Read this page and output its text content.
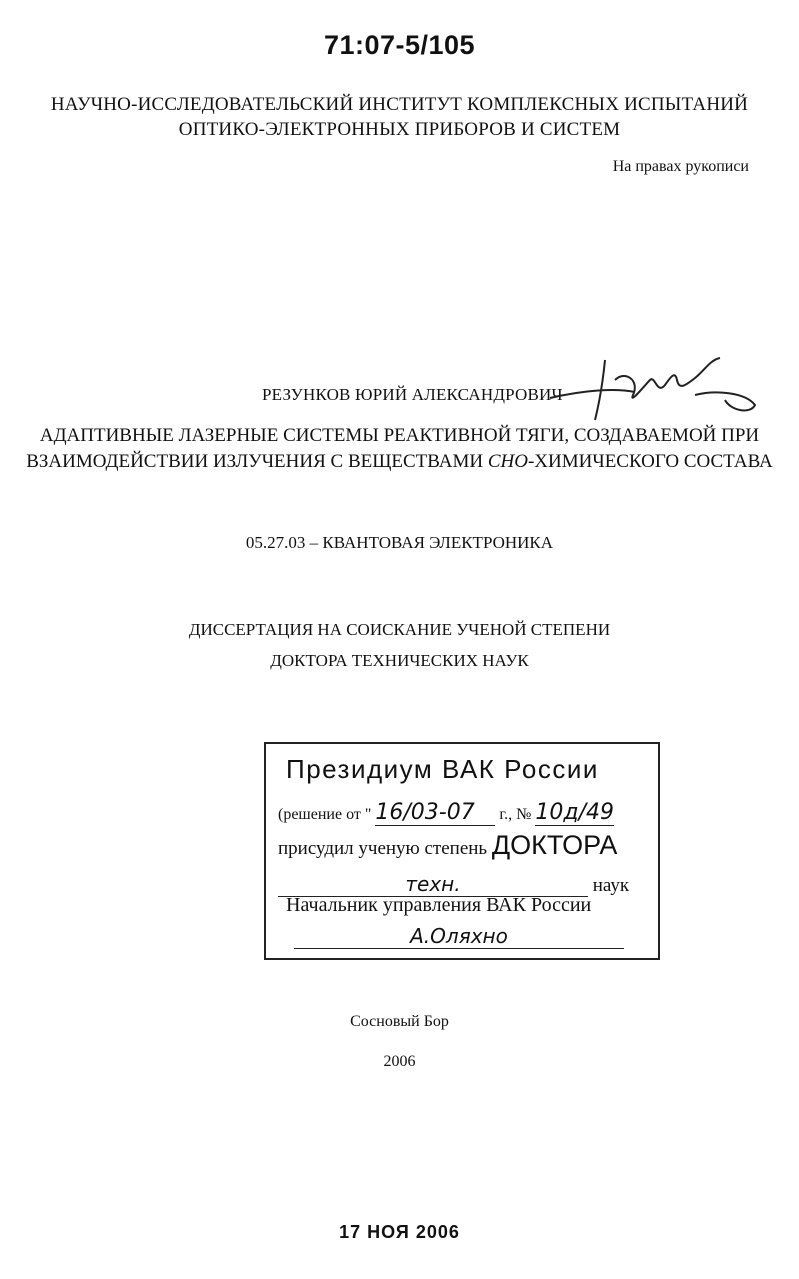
71:07-5/105
НАУЧНО-ИССЛЕДОВАТЕЛЬСКИЙ ИНСТИТУТ КОМПЛЕКСНЫХ ИСПЫТАНИЙ
ОПТИКО-ЭЛЕКТРОННЫХ ПРИБОРОВ И СИСТЕМ
На правах рукописи
РЕЗУНКОВ ЮРИЙ АЛЕКСАНДРОВИЧ
АДАПТИВНЫЕ ЛАЗЕРНЫЕ СИСТЕМЫ РЕАКТИВНОЙ ТЯГИ, СОЗДАВАЕМОЙ ПРИ
ВЗАИМОДЕЙСТВИИ ИЗЛУЧЕНИЯ С ВЕЩЕСТВАМИ CHO-ХИМИЧЕСКОГО СОСТАВА
05.27.03 – КВАНТОВАЯ ЭЛЕКТРОНИКА
ДИССЕРТАЦИЯ НА СОИСКАНИЕ УЧЕНОЙ СТЕПЕНИ
ДОКТОРА ТЕХНИЧЕСКИХ НАУК
Президиум ВАК России
(решение от " 16/03-07 г., № 10д/49
присудил ученую степень ДОКТОРА
техн.	наук
Начальник управления ВАК России
А.Оляхно
Сосновый Бор
2006
17 НОЯ 2006
